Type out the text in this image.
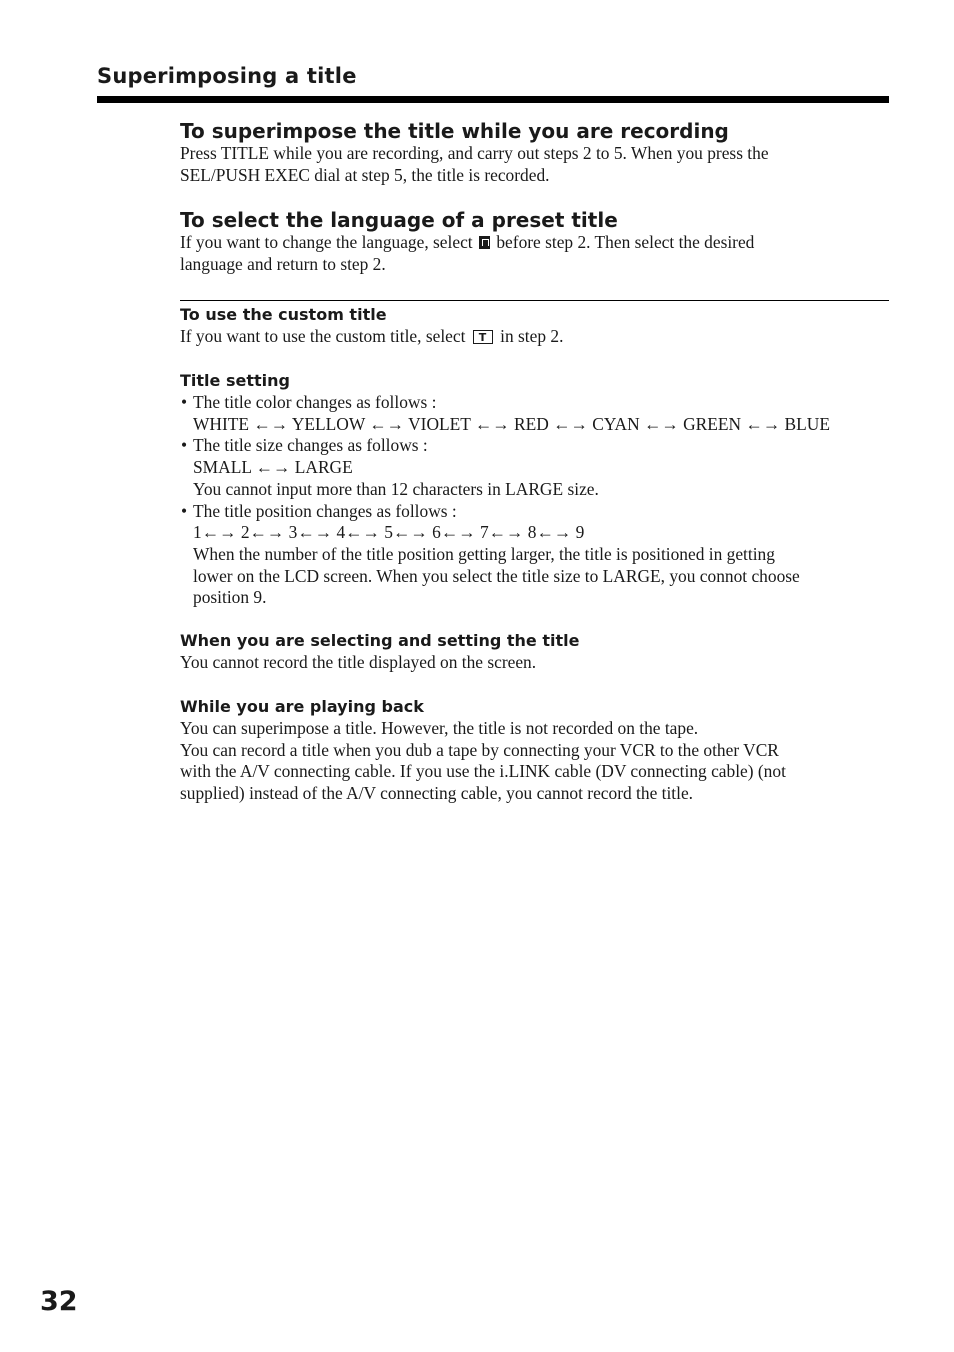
Superimposing a title

To superimpose the title while you are recording

Press TITLE while you are recording, and carry out steps 2 to 5. When you press the

SEL/PUSH EXEC dial at step 5, the title is recorded.

To select the language of a preset title

If you want to change the language, select before step 2. Then select the desired

language and return to step 2.

To use the custom title

If you want to use the custom title, select T in step 2.

Title setting

• The title color changes as follows :

WHITE ←→ YELLOW ←→ VIOLET ←→ RED ←→ CYAN ←→ GREEN ←→ BLUE

• The title size changes as follows :

SMALL ←→ LARGE

You cannot input more than 12 characters in LARGE size.

• The title position changes as follows :

1←→ 2←→ 3←→ 4←→ 5←→ 6←→ 7←→ 8←→ 9

When the number of the title position getting larger, the title is positioned in getting

lower on the LCD screen. When you select the title size to LARGE, you connot choose

position 9.

When you are selecting and setting the title

You cannot record the title displayed on the screen.

While you are playing back

You can superimpose a title. However, the title is not recorded on the tape.

You can record a title when you dub a tape by connecting your VCR to the other VCR

with the A/V connecting cable. If you use the i.LINK cable (DV connecting cable) (not

supplied) instead of the A/V connecting cable, you cannot record the title.

32
